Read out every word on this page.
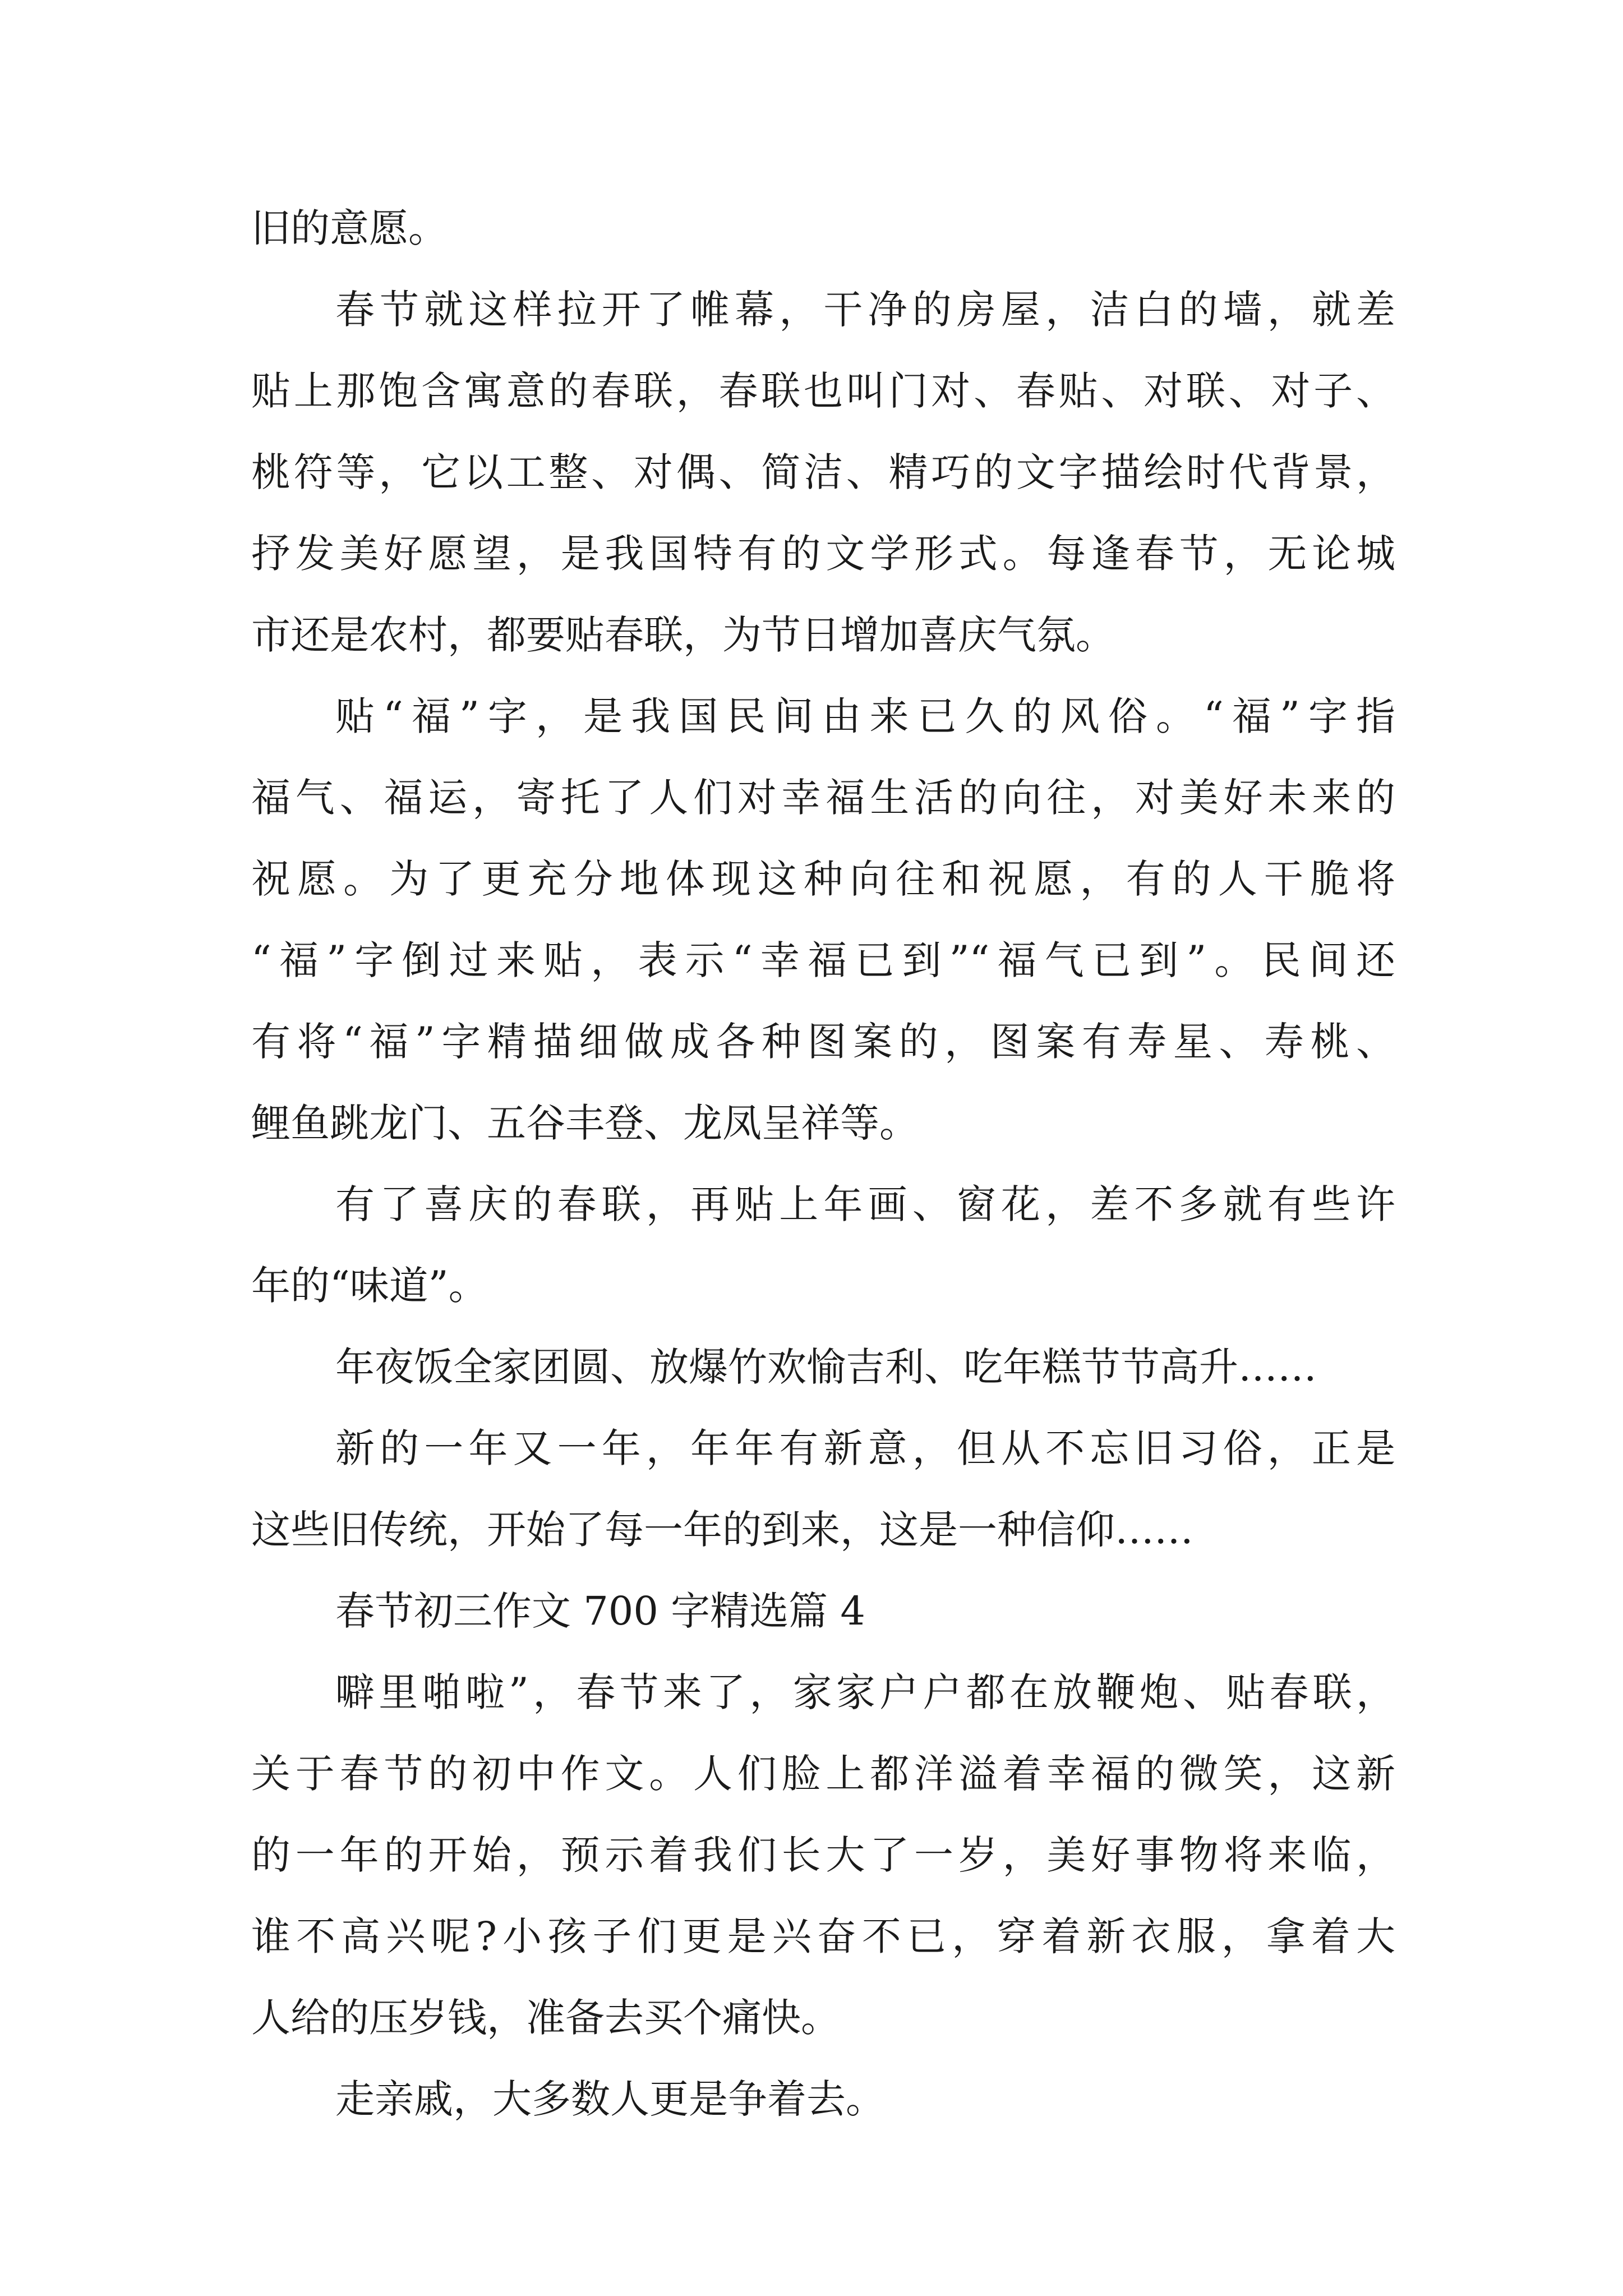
旧的意愿。
春节就这样拉开了帷幕，干净的房屋，洁白的墙，就差
贴上那饱含寓意的春联，春联也叫门对、春贴、对联、对子、
桃符等，它以工整、对偶、简洁、精巧的文字描绘时代背景，
抒发美好愿望，是我国特有的文学形式。每逢春节，无论城
市还是农村，都要贴春联，为节日增加喜庆气氛。
贴“福”字，是我国民间由来已久的风俗。“福”字指
福气、福运，寄托了人们对幸福生活的向往，对美好未来的
祝愿。为了更充分地体现这种向往和祝愿，有的人干脆将
“福”字倒过来贴，表示“幸福已到”“福气已到”。民间还
有将“福”字精描细做成各种图案的，图案有寿星、寿桃、
鲤鱼跳龙门、五谷丰登、龙凤呈祥等。
有了喜庆的春联，再贴上年画、窗花，差不多就有些许
年的“味道”。
年夜饭全家团圆、放爆竹欢愉吉利、吃年糕节节高升……
新的一年又一年，年年有新意，但从不忘旧习俗，正是
这些旧传统，开始了每一年的到来，这是一种信仰……
春节初三作文 700 字精选篇 4
噼里啪啦”，春节来了，家家户户都在放鞭炮、贴春联，
关于春节的初中作文。人们脸上都洋溢着幸福的微笑，这新
的一年的开始，预示着我们长大了一岁，美好事物将来临，
谁不高兴呢?小孩子们更是兴奋不已，穿着新衣服，拿着大
人给的压岁钱，准备去买个痛快。
走亲戚，大多数人更是争着去。
